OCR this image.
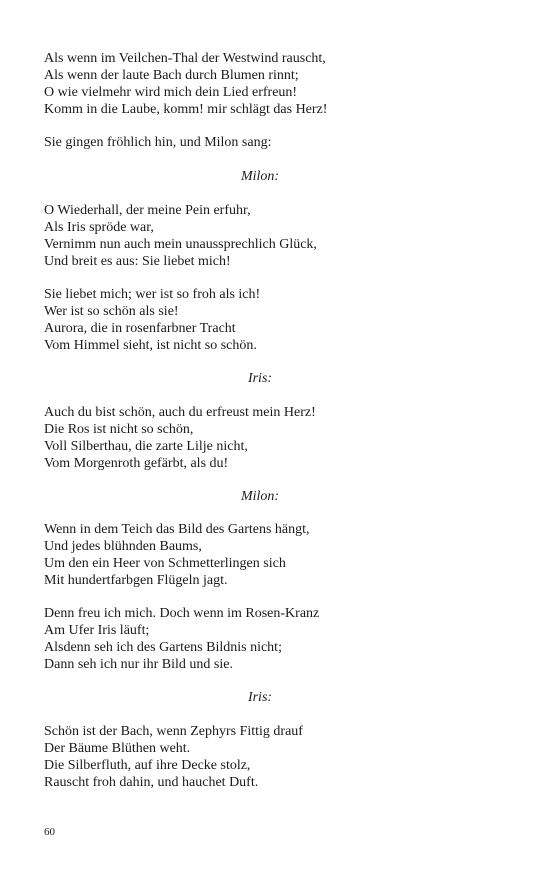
Als wenn im Veilchen-Thal der Westwind rauscht,
Als wenn der laute Bach durch Blumen rinnt;
O wie vielmehr wird mich dein Lied erfreun!
Komm in die Laube, komm! mir schlägt das Herz!
Sie gingen fröhlich hin, und Milon sang:
Milon:
O Wiederhall, der meine Pein erfuhr,
Als Iris spröde war,
Vernimm nun auch mein unaussprechlich Glück,
Und breit es aus: Sie liebet mich!
Sie liebet mich; wer ist so froh als ich!
Wer ist so schön als sie!
Aurora, die in rosenfarbner Tracht
Vom Himmel sieht, ist nicht so schön.
Iris:
Auch du bist schön, auch du erfreust mein Herz!
Die Ros ist nicht so schön,
Voll Silberthau, die zarte Lilje nicht,
Vom Morgenroth gefärbt, als du!
Milon:
Wenn in dem Teich das Bild des Gartens hängt,
Und jedes blühnden Baums,
Um den ein Heer von Schmetterlingen sich
Mit hundertfarbgen Flügeln jagt.
Denn freu ich mich. Doch wenn im Rosen-Kranz
Am Ufer Iris läuft;
Alsdenn seh ich des Gartens Bildnis nicht;
Dann seh ich nur ihr Bild und sie.
Iris:
Schön ist der Bach, wenn Zephyrs Fittig drauf
Der Bäume Blüthen weht.
Die Silberfluth, auf ihre Decke stolz,
Rauscht froh dahin, und hauchet Duft.
60
